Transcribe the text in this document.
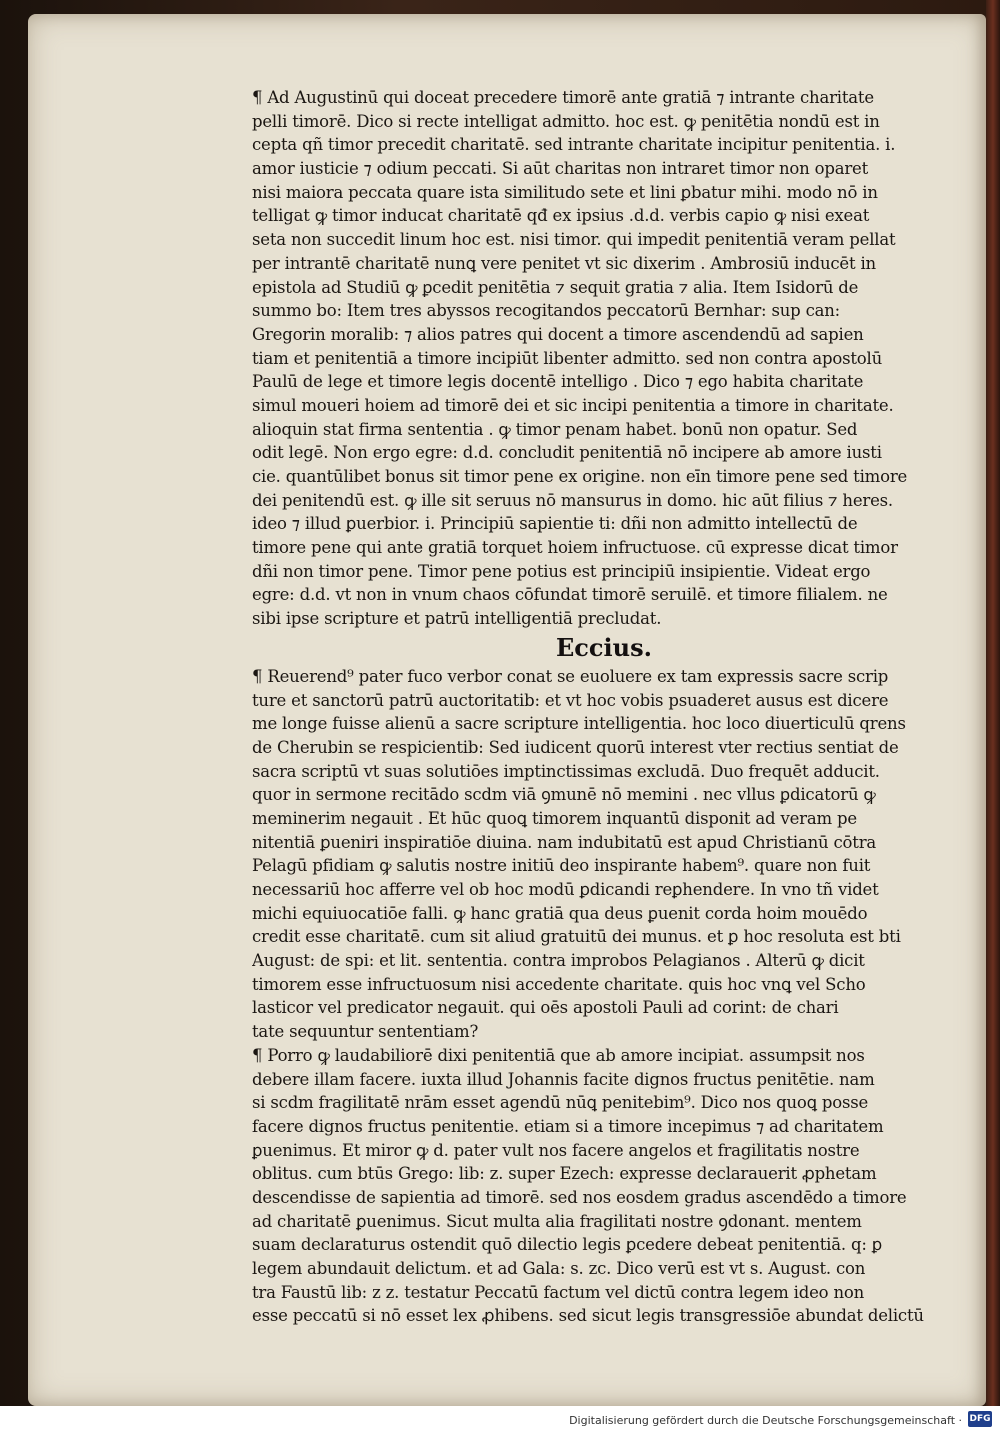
¶ Ad Augustinū qui doceat precedere timorē ante gratiā ⁊ intrante charitate
pelli timorē. Dico si recte intelligat admitto. hoc est. ꝙ penitētia nondū est in
cepta qñ timor precedit charitatē. sed intrante charitate incipitur penitentia. i.
amor iusticie ⁊ odium peccati. Si aūt charitas non intraret timor non oparet
nisi maiora peccata quare ista similitudo sete et lini ꝑbatur mihi. modo nō in
telligat ꝙ timor inducat charitatē qđ ex ipsius .d.d. verbis capio ꝙ nisi exeat
seta non succedit linum hoc est. nisi timor. qui impedit penitentiā veram pellat
per intrantē charitatē nunꝗ vere penitet vt sic dixerim . Ambrosiū inducēt in
epistola ad Studiū ꝙ ꝑcedit penitētia ⁊ sequit gratia ⁊ alia. Item Isidorū de
summo bo: Item tres abyssos recogitandos peccatorū Bernhar: sup can:
Gregorin moralib: ⁊ alios patres qui docent a timore ascendendū ad sapien
tiam et penitentiā a timore incipiūt libenter admitto. sed non contra apostolū
Paulū de lege et timore legis docentē intelligo . Dico ⁊ ego habita charitate
simul moueri hoiem ad timorē dei et sic incipi penitentia a timore in charitate.
alioquin stat firma sententia . ꝙ timor penam habet. bonū non opatur. Sed
odit legē. Non ergo egre: d.d. concludit penitentiā nō incipere ab amore iusti
cie. quantūlibet bonus sit timor pene ex origine. non eīn timore pene sed timore
dei penitendū est. ꝙ ille sit seruus nō mansurus in domo. hic aūt filius ⁊ heres.
ideo ⁊ illud ꝑuerbior. i. Principiū sapientie ti: dñi non admitto intellectū de
timore pene qui ante gratiā torquet hoiem infructuose. cū expresse dicat timor
dñi non timor pene. Timor pene potius est principiū insipientie. Videat ergo
egre: d.d. vt non in vnum chaos cōfundat timorē seruilē. et timore filialem. ne
sibi ipse scripture et patrū intelligentiā precludat.
Eccius.
¶ Reuerend⁹ pater fuco verbor conat se euoluere ex tam expressis sacre scrip
ture et sanctorū patrū auctoritatib: et vt hoc vobis psuaderet ausus est dicere
me longe fuisse alienū a sacre scripture intelligentia. hoc loco diuerticulū qrens
de Cherubin se respicientib: Sed iudicent quorū interest vter rectius sentiat de
sacra scriptū vt suas solutiōes imptinctissimas excludā. Duo frequēt adducit.
quor in sermone recitādo scdm viā ꝯmunē nō memini . nec vllus ꝑdicatorū ꝙ
meminerim negauit . Et hūc quoꝗ timorem inquantū disponit ad veram pe
nitentiā ꝑueniri inspiratiōe diuina. nam indubitatū est apud Christianū cōtra
Pelagū pfidiam ꝙ salutis nostre initiū deo inspirante habem⁹. quare non fuit
necessariū hoc afferre vel ob hoc modū ꝑdicandi reꝑhendere. In vno tñ videt
michi equiuocatiōe falli. ꝙ hanc gratiā qua deus ꝑuenit corda hoim mouēdo
credit esse charitatē. cum sit aliud gratuitū dei munus. et ꝑ hoc resoluta est bti
August: de spi: et lit. sententia. contra improbos Pelagianos . Alterū ꝙ dicit
timorem esse infructuosum nisi accedente charitate. quis hoc vnꝗ vel Scho
lasticor vel predicator negauit. qui oēs apostoli Pauli ad corint: de chari
tate sequuntur sententiam?
¶ Porro ꝙ laudabiliorē dixi penitentiā que ab amore incipiat. assumpsit nos
debere illam facere. iuxta illud Johannis facite dignos fructus penitētie. nam
si scdm fragilitatē nrām esset agendū nūꝗ penitebim⁹. Dico nos quoꝗ posse
facere dignos fructus penitentie. etiam si a timore incepimus ⁊ ad charitatem
ꝑuenimus. Et miror ꝙ d. pater vult nos facere angelos et fragilitatis nostre
oblitus. cum btūs Grego: lib: z. super Ezech: expresse declarauerit ꝓphetam
descendisse de sapientia ad timorē. sed nos eosdem gradus ascendēdo a timore
ad charitatē ꝑuenimus. Sicut multa alia fragilitati nostre ꝯdonant. mentem
suam declaraturus ostendit quō dilectio legis ꝑcedere debeat penitentiā. q: ꝑ
legem abundauit delictum. et ad Gala: s. zc. Dico verū est vt s. August. con
tra Faustū lib: z z. testatur Peccatū factum vel dictū contra legem ideo non
esse peccatū si nō esset lex ꝓhibens. sed sicut legis transgressiōe abundat delictū
Digitalisierung gefördert durch die Deutsche Forschungsgemeinschaft · DFG
